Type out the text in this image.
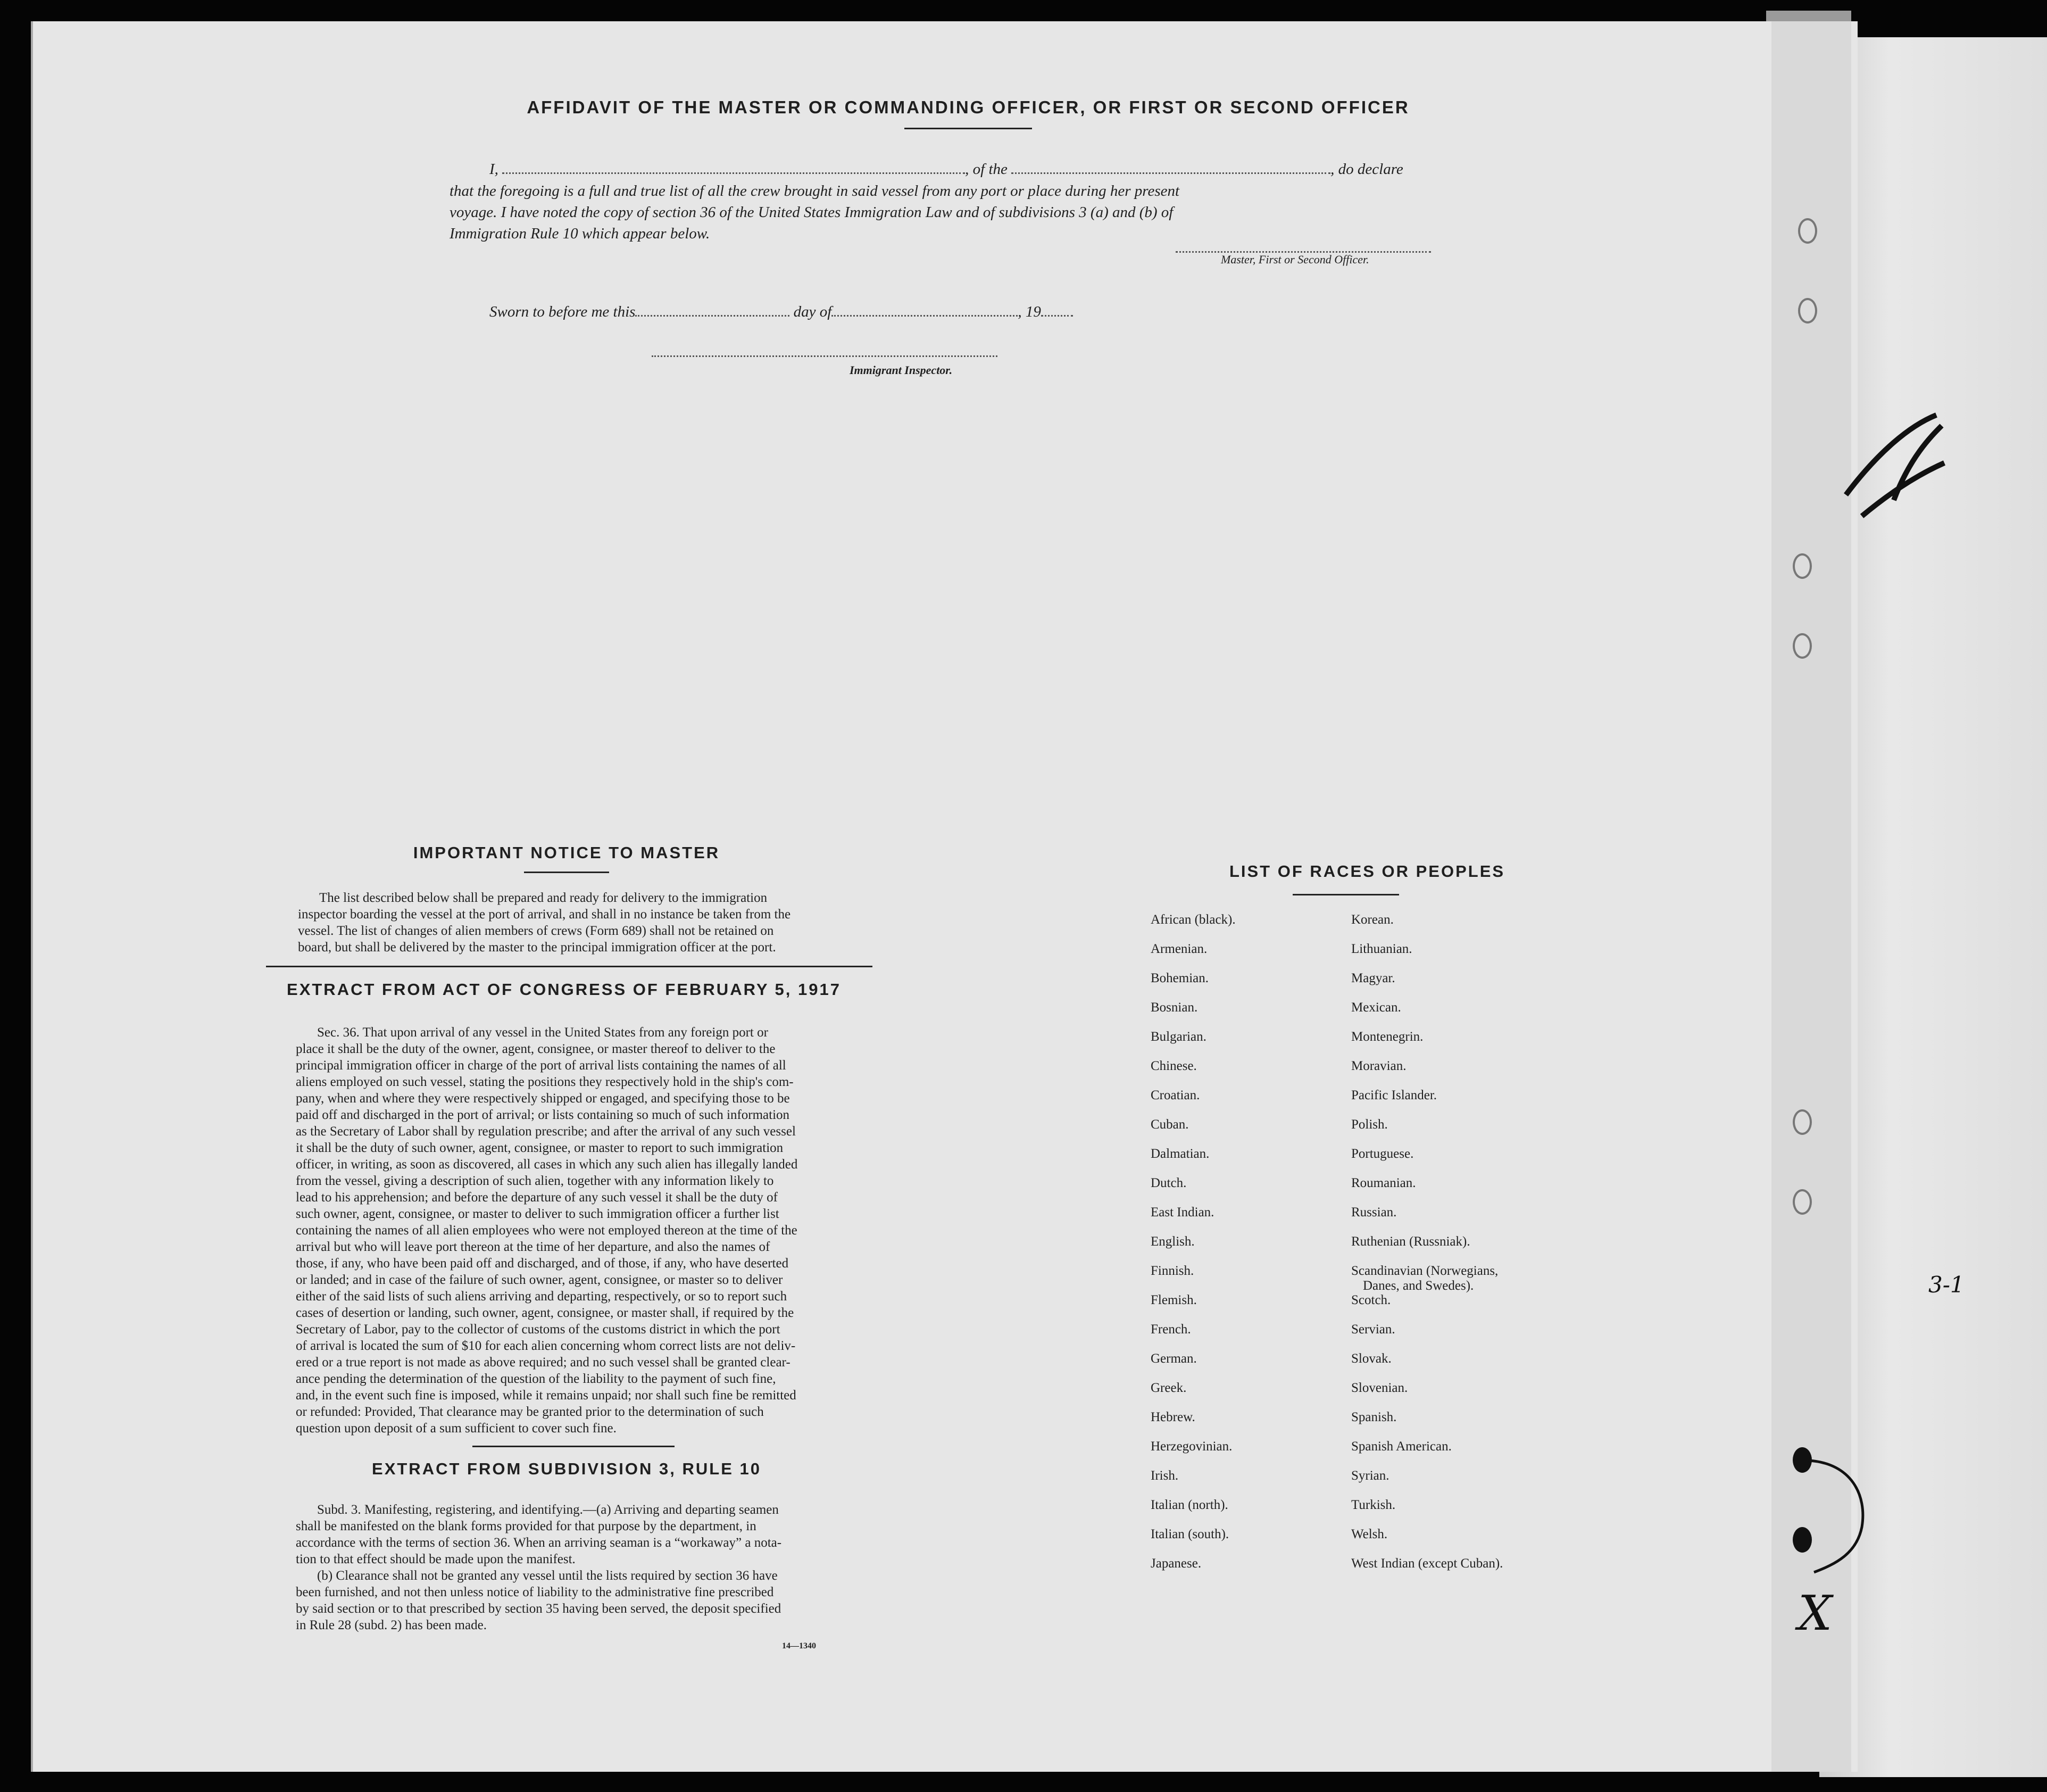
AFFIDAVIT OF THE MASTER OR COMMANDING OFFICER, OR FIRST OR SECOND OFFICER
I,	, of the	, do declare
that the foregoing is a full and true list of all the crew brought in said vessel from any port or place during her present
voyage. I have noted the copy of section 36 of the United States Immigration Law and of subdivisions 3 (a) and (b) of
Immigration Rule 10 which appear below.
Master, First or Second Officer.
Sworn to before me this	day of	, 19
Immigrant Inspector.
IMPORTANT NOTICE TO MASTER
The list described below shall be prepared and ready for delivery to the immigration
inspector boarding the vessel at the port of arrival, and shall in no instance be taken from the
vessel. The list of changes of alien members of crews (Form 689) shall not be retained on
board, but shall be delivered by the master to the principal immigration officer at the port.
EXTRACT FROM ACT OF CONGRESS OF FEBRUARY 5, 1917
Sec. 36. That upon arrival of any vessel in the United States from any foreign port or
place it shall be the duty of the owner, agent, consignee, or master thereof to deliver to the
principal immigration officer in charge of the port of arrival lists containing the names of all
aliens employed on such vessel, stating the positions they respectively hold in the ship's com-
pany, when and where they were respectively shipped or engaged, and specifying those to be
paid off and discharged in the port of arrival; or lists containing so much of such information
as the Secretary of Labor shall by regulation prescribe; and after the arrival of any such vessel
it shall be the duty of such owner, agent, consignee, or master to report to such immigration
officer, in writing, as soon as discovered, all cases in which any such alien has illegally landed
from the vessel, giving a description of such alien, together with any information likely to
lead to his apprehension; and before the departure of any such vessel it shall be the duty of
such owner, agent, consignee, or master to deliver to such immigration officer a further list
containing the names of all alien employees who were not employed thereon at the time of the
arrival but who will leave port thereon at the time of her departure, and also the names of
those, if any, who have been paid off and discharged, and of those, if any, who have deserted
or landed; and in case of the failure of such owner, agent, consignee, or master so to deliver
either of the said lists of such aliens arriving and departing, respectively, or so to report such
cases of desertion or landing, such owner, agent, consignee, or master shall, if required by the
Secretary of Labor, pay to the collector of customs of the customs district in which the port
of arrival is located the sum of $10 for each alien concerning whom correct lists are not deliv-
ered or a true report is not made as above required; and no such vessel shall be granted clear-
ance pending the determination of the question of the liability to the payment of such fine,
and, in the event such fine is imposed, while it remains unpaid; nor shall such fine be remitted
or refunded: Provided, That clearance may be granted prior to the determination of such
question upon deposit of a sum sufficient to cover such fine.
EXTRACT FROM SUBDIVISION 3, RULE 10
Subd. 3. Manifesting, registering, and identifying.—(a) Arriving and departing seamen
shall be manifested on the blank forms provided for that purpose by the department, in
accordance with the terms of section 36. When an arriving seaman is a “workaway” a nota-
tion to that effect should be made upon the manifest.
(b) Clearance shall not be granted any vessel until the lists required by section 36 have
been furnished, and not then unless notice of liability to the administrative fine prescribed
by said section or to that prescribed by section 35 having been served, the deposit specified
in Rule 28 (subd. 2) has been made.
14—1340
LIST OF RACES OR PEOPLES
African (black).
Armenian.
Bohemian.
Bosnian.
Bulgarian.
Chinese.
Croatian.
Cuban.
Dalmatian.
Dutch.
East Indian.
English.
Finnish.
Flemish.
French.
German.
Greek.
Hebrew.
Herzegovinian.
Irish.
Italian (north).
Italian (south).
Japanese.
Korean.
Lithuanian.
Magyar.
Mexican.
Montenegrin.
Moravian.
Pacific Islander.
Polish.
Portuguese.
Roumanian.
Russian.
Ruthenian (Russniak).
Scandinavian (Norwegians,
Danes, and Swedes).
Scotch.
Servian.
Slovak.
Slovenian.
Spanish.
Spanish American.
Syrian.
Turkish.
Welsh.
West Indian (except Cuban).
3-1
X
